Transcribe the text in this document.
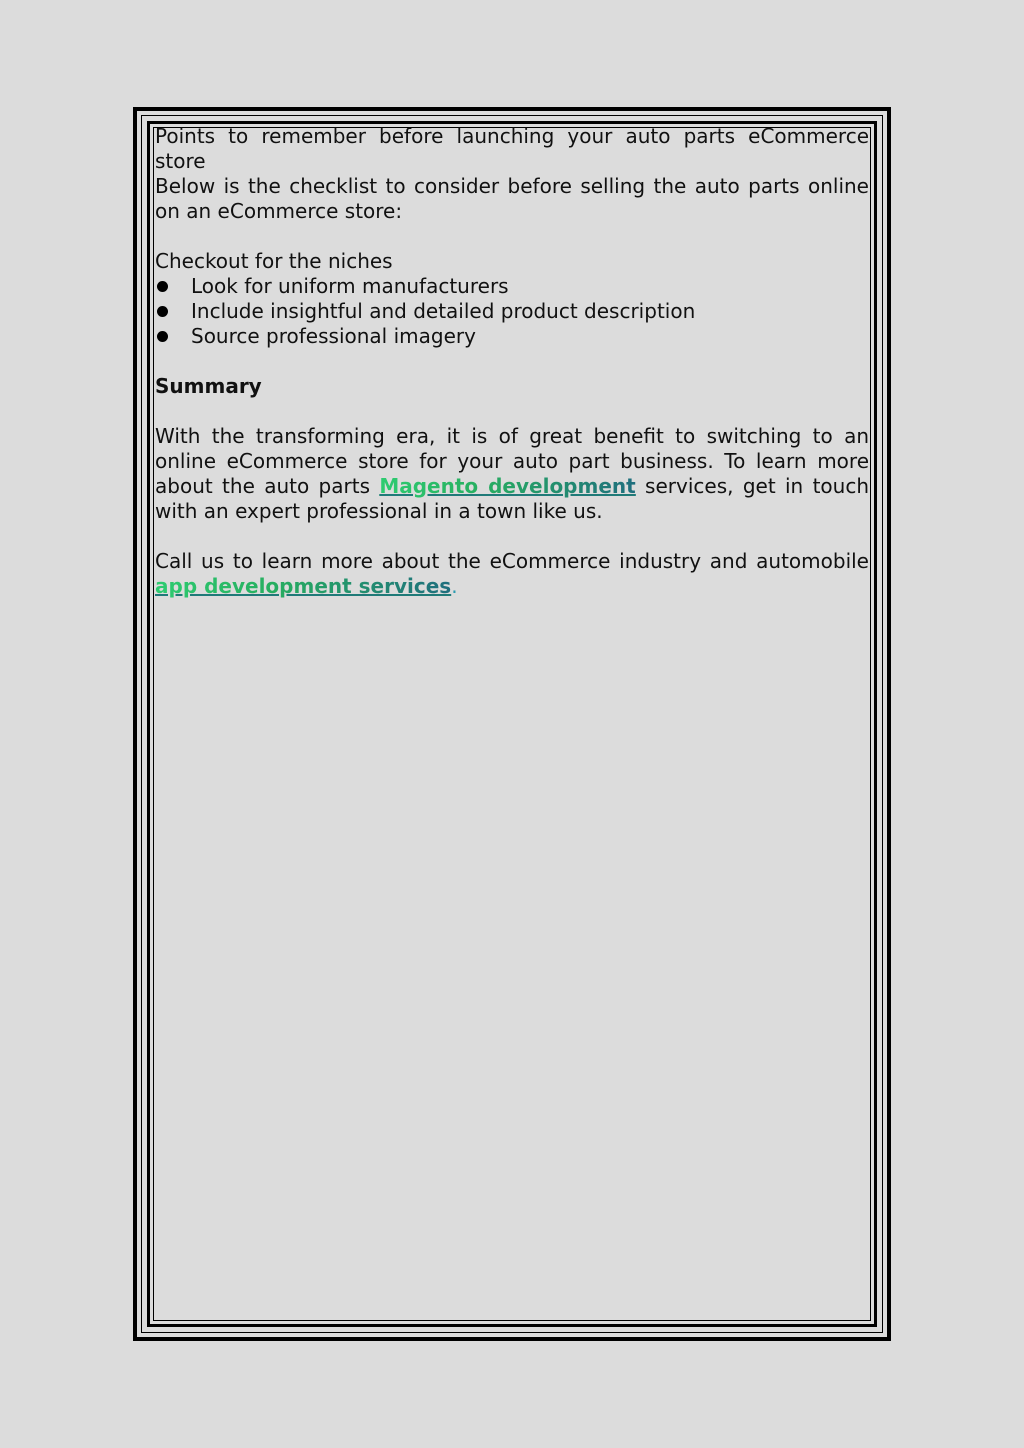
Points to remember before launching your auto parts eCommerce store

Below is the checklist to consider before selling the auto parts online on an eCommerce store:

Checkout for the niches

Look for uniform manufacturers
Include insightful and detailed product description
Source professional imagery

Summary

With the transforming era, it is of great benefit to switching to an online eCommerce store for your auto part business. To learn more about the auto parts Magento development services, get in touch with an expert professional in a town like us.

Call us to learn more about the eCommerce industry and automobile app development services.
